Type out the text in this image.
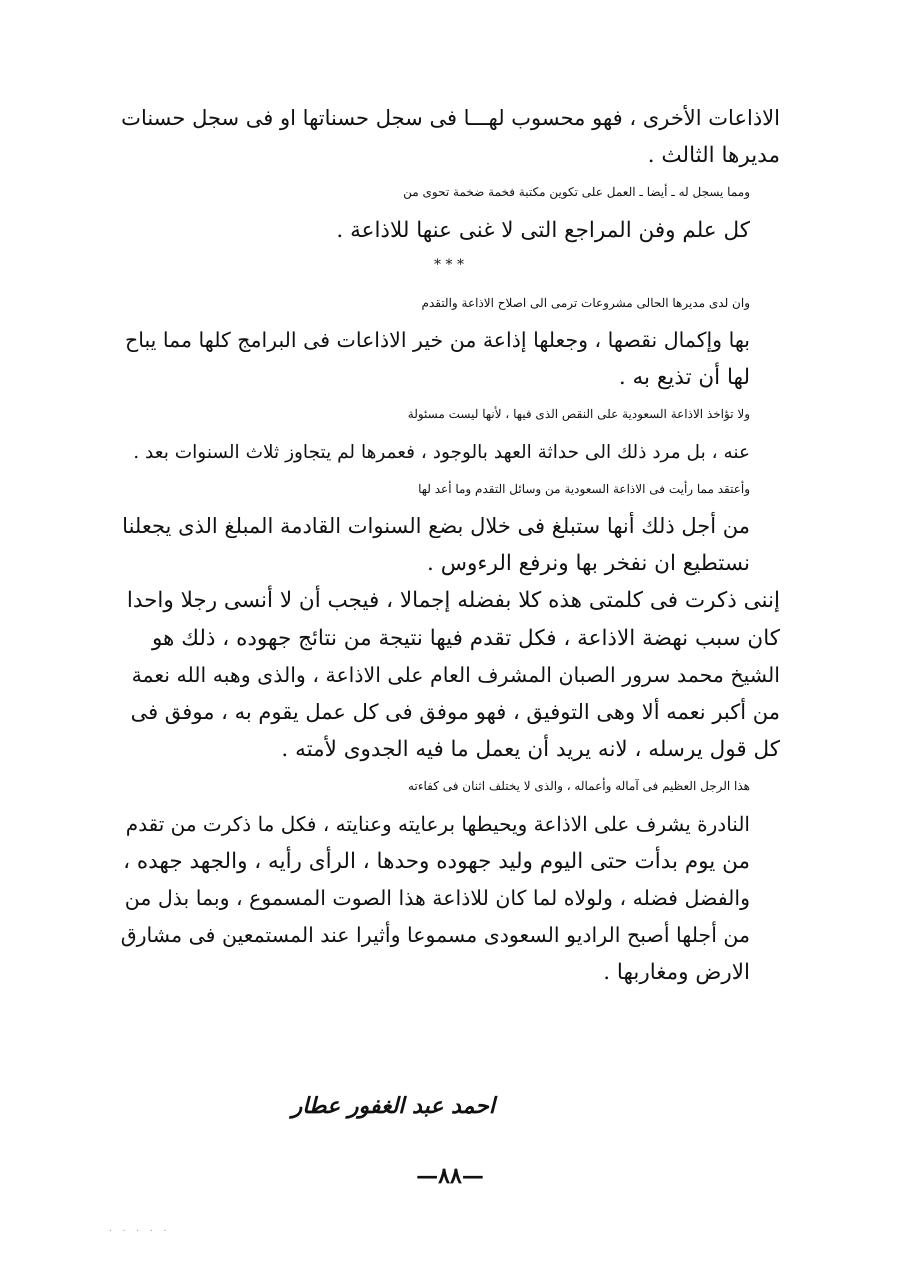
الاذاعات الأخرى ، فهو محسوب لهـــا فى سجل حسناتها او فى سجل حسنات
مديرها الثالث .

ومما يسجل له ـ أيضا ـ العمل على تكوين مكتبة فخمة ضخمة تحوى من
كل علم وفن المراجع التى لا غنى عنها للاذاعة .

* * *

وان لدى مديرها الحالى مشروعات ترمى الى اصلاح الاذاعة والتقدم
بها وإكمال نقصها ، وجعلها إذاعة من خير الاذاعات فى البرامج كلها مما يباح
لها أن تذيع به .

ولا تؤاخذ الاذاعة السعودية على النقص الذى فيها ، لأنها ليست مسئولة
عنه ، بل مرد ذلك الى حداثة العهد بالوجود ، فعمرها لم يتجاوز ثلاث السنوات بعد .

وأعتقد مما رأيت فى الاذاعة السعودية من وسائل التقدم وما أعد لها
من أجل ذلك أنها ستبلغ فى خلال بضع السنوات القادمة المبلغ الذى يجعلنا
نستطيع ان نفخر بها ونرفع الرءوس .

إننى ذكرت فى كلمتى هذه كلا بفضله إجمالا ، فيجب أن لا أنسى رجلا واحدا
كان سبب نهضة الاذاعة ، فكل تقدم فيها نتيجة من نتائج جهوده ، ذلك هو
الشيخ محمد سرور الصبان المشرف العام على الاذاعة ، والذى وهبه الله نعمة
من أكبر نعمه ألا وهى التوفيق ، فهو موفق فى كل عمل يقوم به ، موفق فى
كل قول يرسله ، لانه يريد أن يعمل ما فيه الجدوى لأمته .

هذا الرجل العظيم فى آماله وأعماله ، والذى لا يختلف اثنان فى كفاءته
النادرة يشرف على الاذاعة ويحيطها برعايته وعنايته ، فكل ما ذكرت من تقدم
من يوم بدأت حتى اليوم وليد جهوده وحدها ، الرأى رأيه ، والجهد جهده ،
والفضل فضله ، ولولاه لما كان للاذاعة هذا الصوت المسموع ، وبما بذل من
من أجلها أصبح الراديو السعودى مسموعا وأثيرا عند المستمعين فى مشارق
الارض ومغاربها .

احمد عبد الغفور عطار
—٨٨—
· · · · ·
